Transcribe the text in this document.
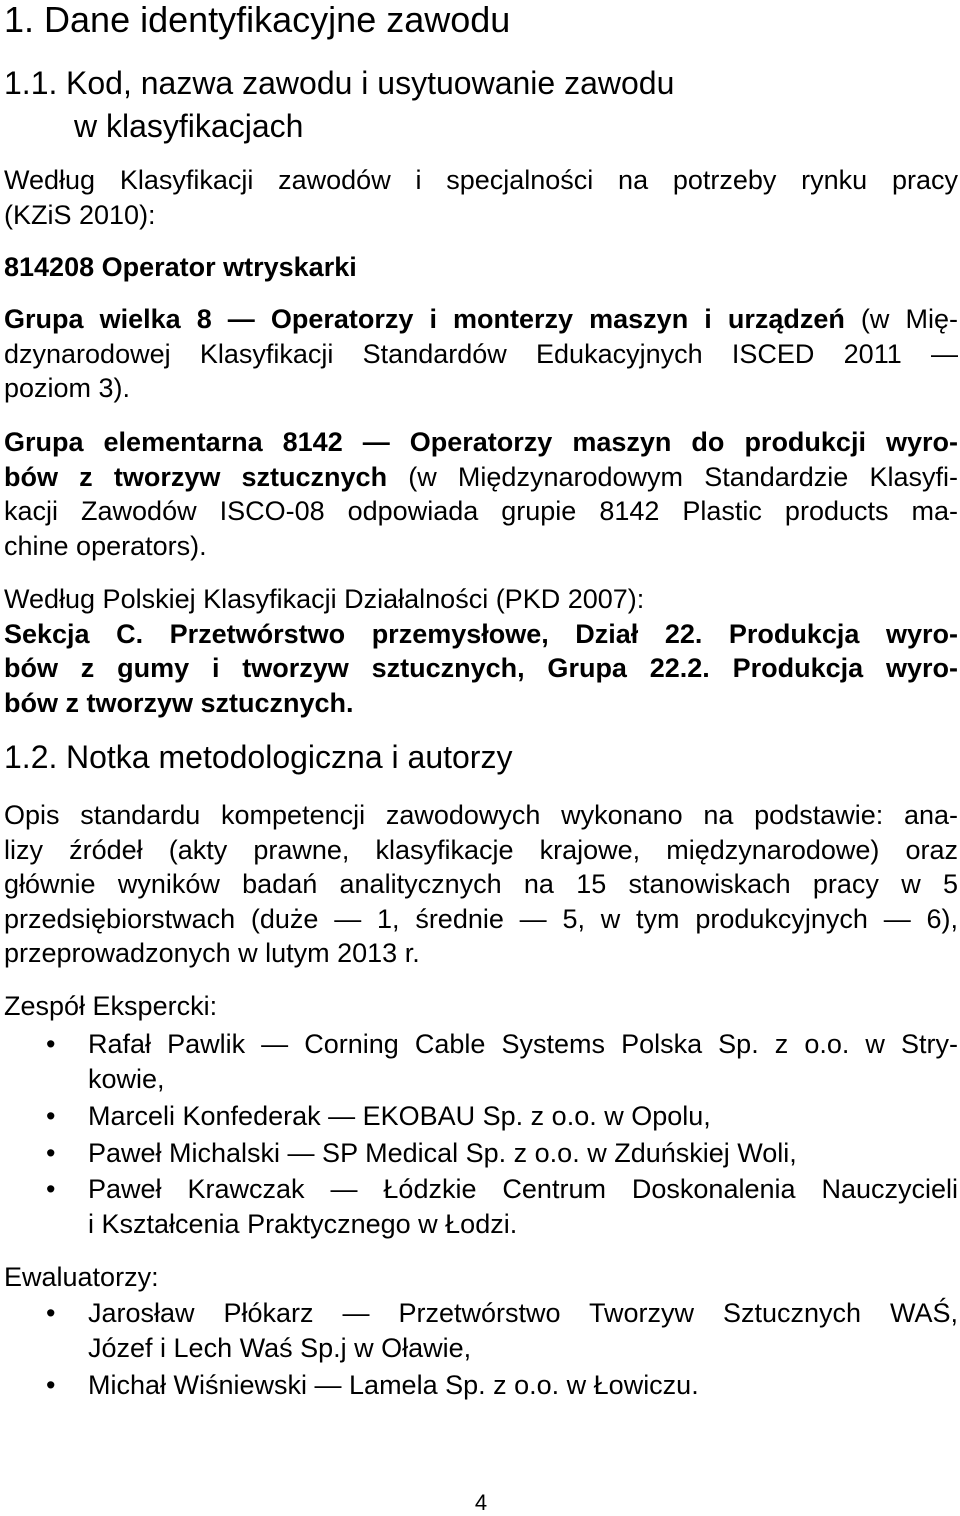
1. Dane identyfikacyjne zawodu
1.1. Kod, nazwa zawodu i usytuowanie zawodu
w klasyfikacjach
Według Klasyfikacji zawodów i specjalności na potrzeby rynku pracy
(KZiS 2010):
814208 Operator wtryskarki
Grupa wielka 8 — Operatorzy i monterzy maszyn i urządzeń (w Mię-
dzynarodowej Klasyfikacji Standardów Edukacyjnych ISCED 2011 —
poziom 3).
Grupa elementarna 8142 — Operatorzy maszyn do produkcji wyro-
bów z tworzyw sztucznych (w Międzynarodowym Standardzie Klasyfi-
kacji Zawodów ISCO-08 odpowiada grupie 8142 Plastic products ma-
chine operators).
Według Polskiej Klasyfikacji Działalności (PKD 2007):
Sekcja C. Przetwórstwo przemysłowe, Dział 22. Produkcja wyro-
bów z gumy i tworzyw sztucznych, Grupa 22.2. Produkcja wyro-
bów z tworzyw sztucznych.
1.2. Notka metodologiczna i autorzy
Opis standardu kompetencji zawodowych wykonano na podstawie: ana-
lizy źródeł (akty prawne, klasyfikacje krajowe, międzynarodowe) oraz
głównie wyników badań analitycznych na 15 stanowiskach pracy w 5
przedsiębiorstwach (duże — 1, średnie — 5, w tym produkcyjnych — 6),
przeprowadzonych w lutym 2013 r.
Zespół Ekspercki:
• Rafał Pawlik — Corning Cable Systems Polska Sp. z o.o. w Stry-
kowie,
• Marceli Konfederak — EKOBAU Sp. z o.o. w Opolu,
• Paweł Michalski — SP Medical Sp. z o.o. w Zduńskiej Woli,
• Paweł Krawczak — Łódzkie Centrum Doskonalenia Nauczycieli
i Kształcenia Praktycznego w Łodzi.
Ewaluatorzy:
• Jarosław Płókarz — Przetwórstwo Tworzyw Sztucznych WAŚ,
Józef i Lech Waś Sp.j w Oławie,
• Michał Wiśniewski — Lamela Sp. z o.o. w Łowiczu.
4
